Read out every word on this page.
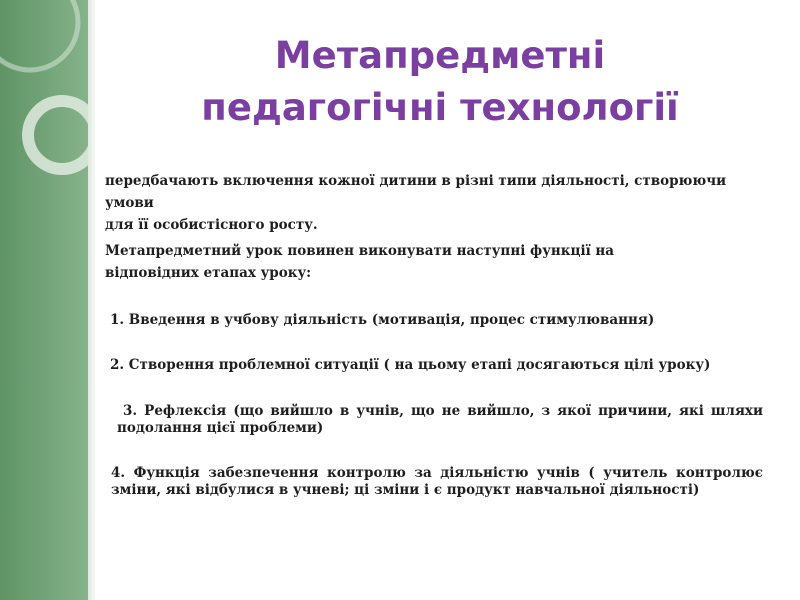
Метапредметні
педагогічні технології

передбачають включення кожної дитини в різні типи діяльності, створюючи умови
для її особистісного росту.

Метапредметний урок повинен виконувати наступні функції на
відповідних етапах уроку:

1. Введення в учбову діяльність (мотивація, процес стимулювання)

2. Створення проблемної ситуації ( на цьому етапі досягаються цілі уроку)

3. Рефлексія (що вийшло в учнів, що не вийшло, з якої причини, які шляхи подолання цієї проблеми)

4. Функція забезпечення контролю за діяльністю учнів ( учитель контролює зміни, які відбулися в учневі; ці зміни і є продукт навчальної діяльності)
